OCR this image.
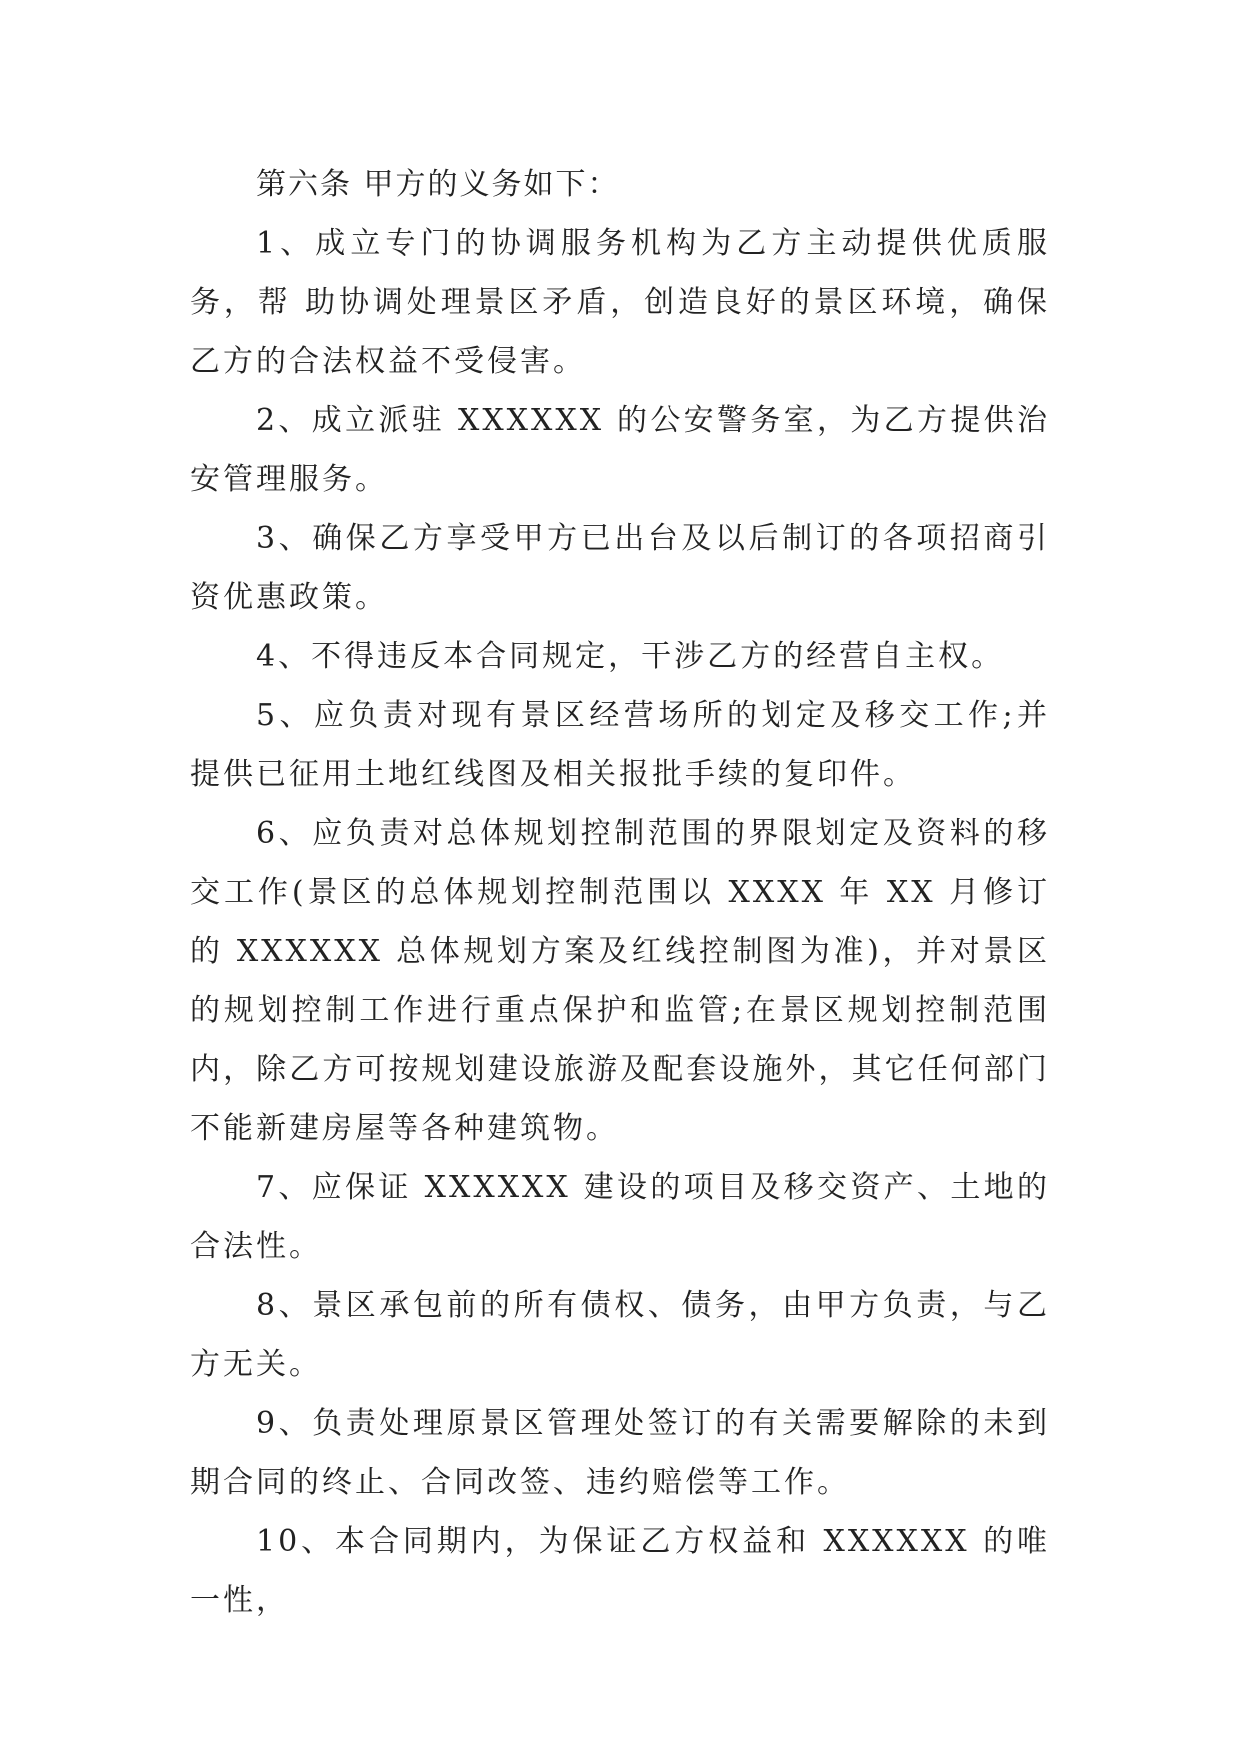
第六条 甲方的义务如下：

1、成立专门的协调服务机构为乙方主动提供优质服务，帮 助协调处理景区矛盾，创造良好的景区环境，确保乙方的合法权益不受侵害。

2、成立派驻 XXXXXX 的公安警务室，为乙方提供治安管理服务。

3、确保乙方享受甲方已出台及以后制订的各项招商引资优惠政策。

4、不得违反本合同规定，干涉乙方的经营自主权。

5、应负责对现有景区经营场所的划定及移交工作;并提供已征用土地红线图及相关报批手续的复印件。

6、应负责对总体规划控制范围的界限划定及资料的移交工作(景区的总体规划控制范围以 XXXX 年 XX 月修订的 XXXXXX 总体规划方案及红线控制图为准)，并对景区的规划控制工作进行重点保护和监管;在景区规划控制范围内，除乙方可按规划建设旅游及配套设施外，其它任何部门不能新建房屋等各种建筑物。

7、应保证 XXXXXX 建设的项目及移交资产、土地的合法性。

8、景区承包前的所有债权、债务，由甲方负责，与乙方无关。

9、负责处理原景区管理处签订的有关需要解除的未到期合同的终止、合同改签、违约赔偿等工作。

10、本合同期内，为保证乙方权益和 XXXXXX 的唯一性，
